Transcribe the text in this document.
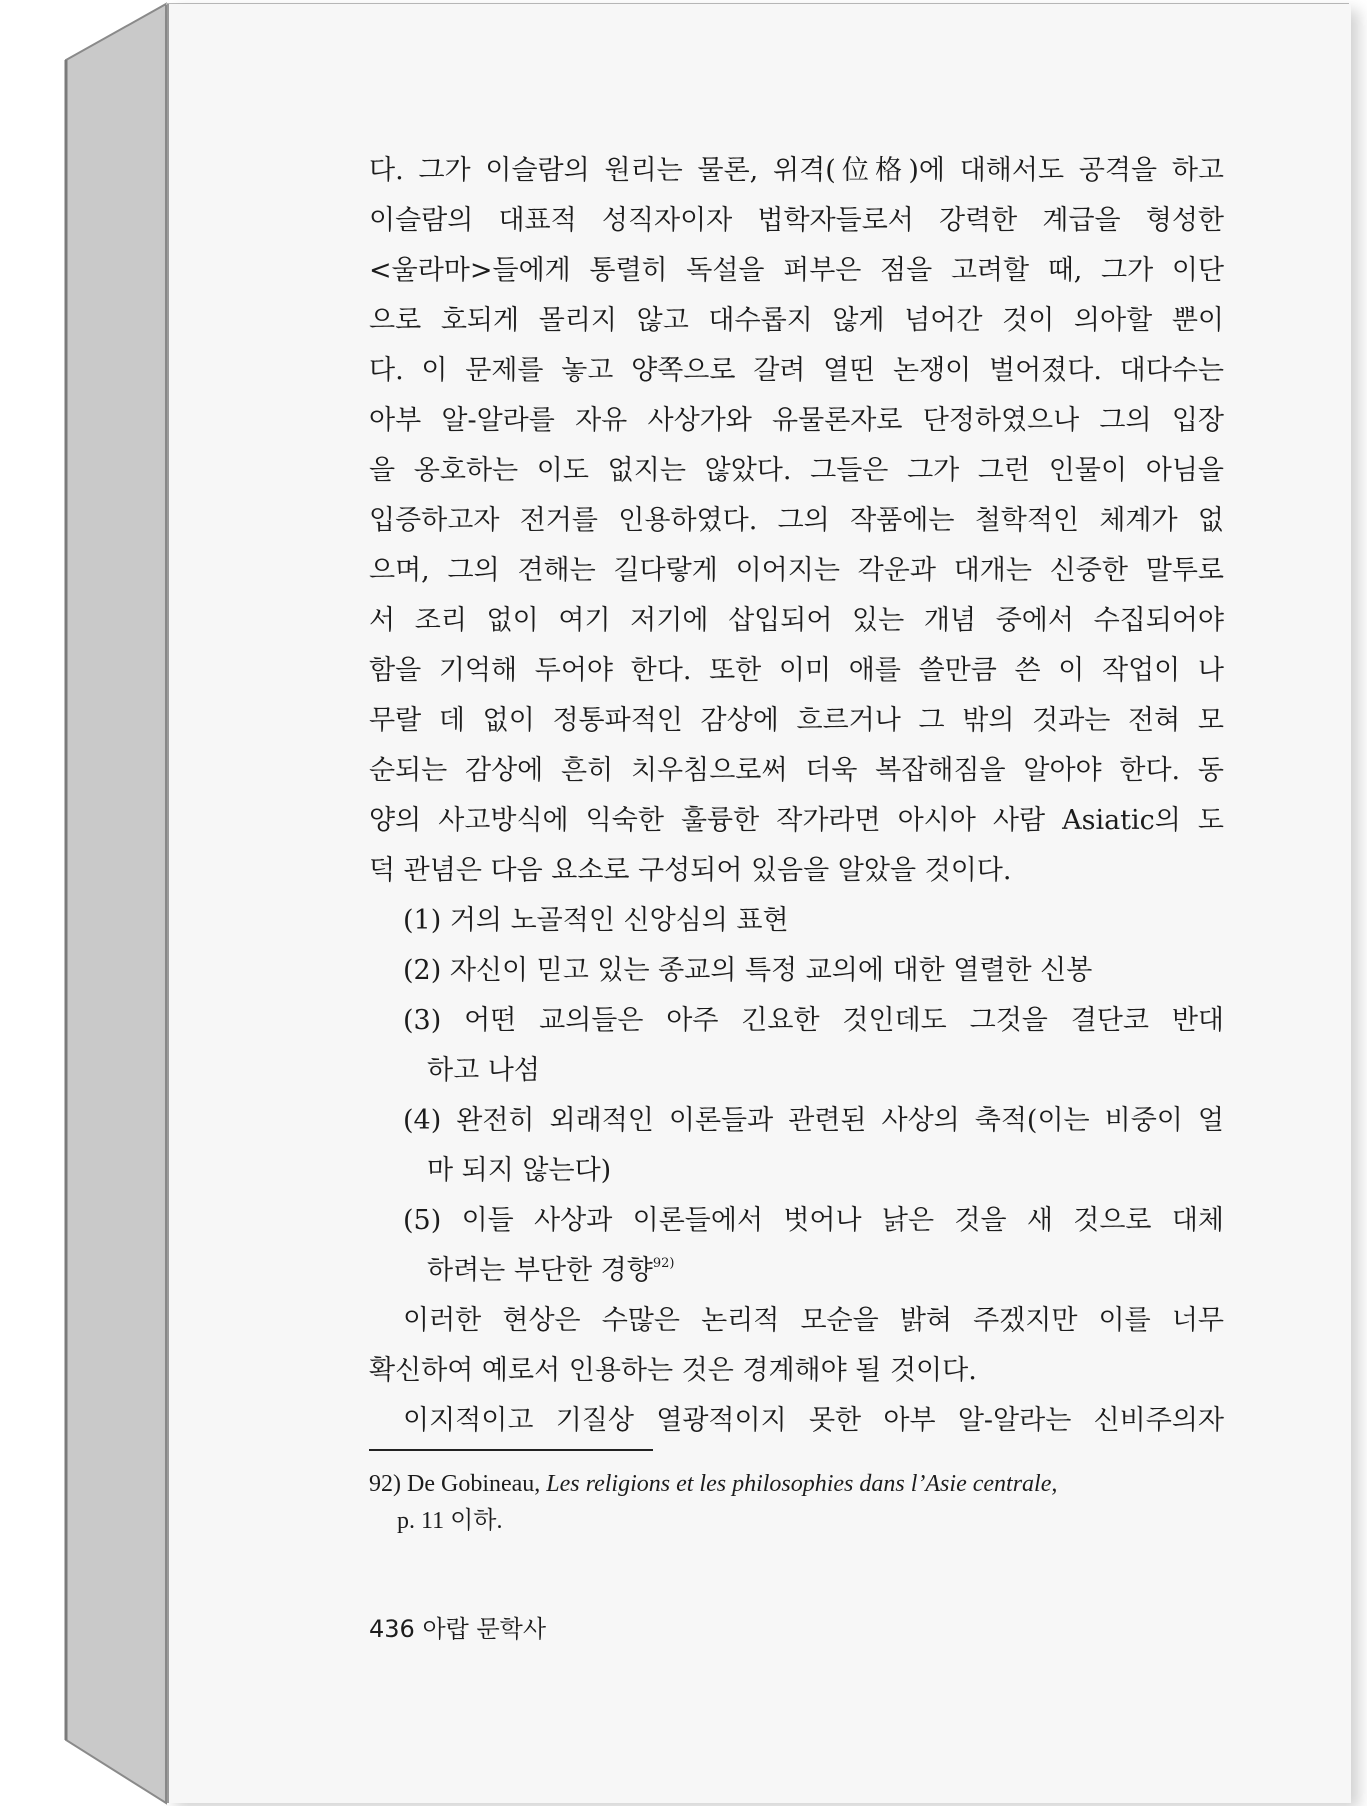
다. 그가 이슬람의 원리는 물론, 위격(位格)에 대해서도 공격을 하고
이슬람의 대표적 성직자이자 법학자들로서 강력한 계급을 형성한
<울라마>들에게 통렬히 독설을 퍼부은 점을 고려할 때, 그가 이단
으로 호되게 몰리지 않고 대수롭지 않게 넘어간 것이 의아할 뿐이
다. 이 문제를 놓고 양쪽으로 갈려 열띤 논쟁이 벌어졌다. 대다수는
아부 알-알라를 자유 사상가와 유물론자로 단정하였으나 그의 입장
을 옹호하는 이도 없지는 않았다. 그들은 그가 그런 인물이 아님을
입증하고자 전거를 인용하였다. 그의 작품에는 철학적인 체계가 없
으며, 그의 견해는 길다랗게 이어지는 각운과 대개는 신중한 말투로
서 조리 없이 여기 저기에 삽입되어 있는 개념 중에서 수집되어야
함을 기억해 두어야 한다. 또한 이미 애를 쓸만큼 쓴 이 작업이 나
무랄 데 없이 정통파적인 감상에 흐르거나 그 밖의 것과는 전혀 모
순되는 감상에 흔히 치우침으로써 더욱 복잡해짐을 알아야 한다. 동
양의 사고방식에 익숙한 훌륭한 작가라면 아시아 사람 Asiatic의 도
덕 관념은 다음 요소로 구성되어 있음을 알았을 것이다.
(1) 거의 노골적인 신앙심의 표현
(2) 자신이 믿고 있는 종교의 특정 교의에 대한 열렬한 신봉
(3) 어떤 교의들은 아주 긴요한 것인데도 그것을 결단코 반대
하고 나섬
(4) 완전히 외래적인 이론들과 관련된 사상의 축적(이는 비중이 얼
마 되지 않는다)
(5) 이들 사상과 이론들에서 벗어나 낡은 것을 새 것으로 대체
하려는 부단한 경향$^{92)}$
이러한 현상은 수많은 논리적 모순을 밝혀 주겠지만 이를 너무
확신하여 예로서 인용하는 것은 경계해야 될 것이다.
이지적이고 기질상 열광적이지 못한 아부 알-알라는 신비주의자
92) De Gobineau, Les religions et les philosophies dans l’Asie centrale,
p. 11 이하.
436 아랍 문학사
